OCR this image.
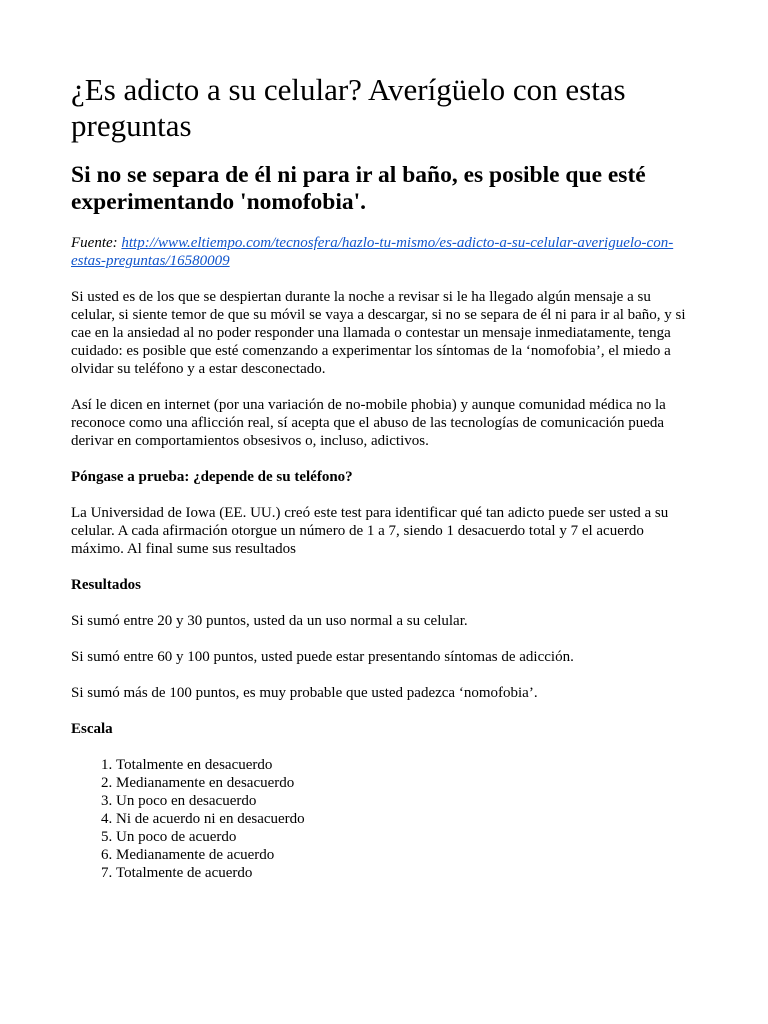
¿Es adicto a su celular? Averígüelo con estas preguntas
Si no se separa de él ni para ir al baño, es posible que esté experimentando 'nomofobia'.
Fuente: http://www.eltiempo.com/tecnosfera/hazlo-tu-mismo/es-adicto-a-su-celular-averiguelo-con-estas-preguntas/16580009

Si usted es de los que se despiertan durante la noche a revisar si le ha llegado algún mensaje a su celular, si siente temor de que su móvil se vaya a descargar, si no se separa de él ni para ir al baño, y si cae en la ansiedad al no poder responder una llamada o contestar un mensaje inmediatamente, tenga cuidado: es posible que esté comenzando a experimentar los síntomas de la ‘nomofobia’, el miedo a olvidar su teléfono y a estar desconectado.

Así le dicen en internet (por una variación de no-mobile phobia) y aunque comunidad médica no la reconoce como una aflicción real, sí acepta que el abuso de las tecnologías de comunicación pueda derivar en comportamientos obsesivos o, incluso, adictivos.

Póngase a prueba: ¿depende de su teléfono?

La Universidad de Iowa (EE. UU.) creó este test para identificar qué tan adicto puede ser usted a su celular. A cada afirmación otorgue un número de 1 a 7, siendo 1 desacuerdo total y 7 el acuerdo máximo. Al final sume sus resultados

Resultados

Si sumó entre 20 y 30 puntos, usted da un uso normal a su celular.

Si sumó entre 60 y 100 puntos, usted puede estar presentando síntomas de adicción.

Si sumó más de 100 puntos, es muy probable que usted padezca ‘nomofobia’.

Escala

1. Totalmente en desacuerdo
2. Medianamente en desacuerdo
3. Un poco en desacuerdo
4. Ni de acuerdo ni en desacuerdo
5. Un poco de acuerdo
6. Medianamente de acuerdo
7. Totalmente de acuerdo
